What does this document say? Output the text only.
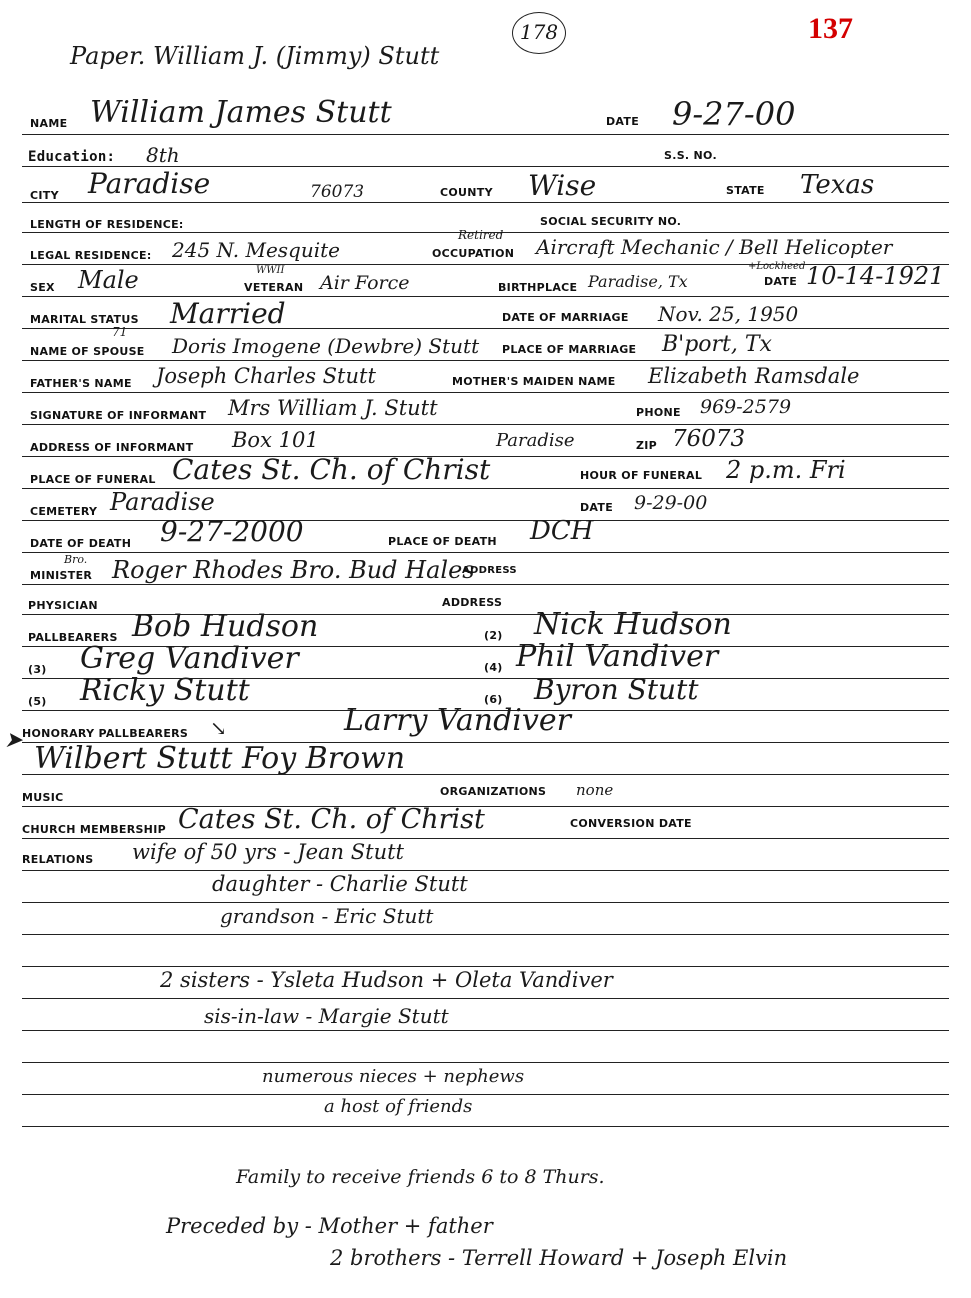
137
Paper. William J. (Jimmy) Stutt
178
NAME William James Stutt	DATE 9-27-00
Education: 8th	S.S. NO.
CITY Paradise	76073	COUNTY Wise	STATE Texas
LENGTH OF RESIDENCE:	SOCIAL SECURITY NO.
LEGAL RESIDENCE: 245 N. Mesquite
Retired
OCCUPATION Aircraft Mechanic / Bell Helicopter
SEX Male	WWII
VETERAN Air Force	BIRTHPLACE Paradise, Tx
+Lockheed
DATE 10-14-1921
MARITAL STATUS Married	DATE OF MARRIAGE Nov. 25, 1950
71
NAME OF SPOUSE Doris Imogene (Dewbre) Stutt PLACE OF MARRIAGE B'port, Tx
FATHER'S NAME Joseph Charles Stutt	MOTHER'S MAIDEN NAME Elizabeth Ramsdale
SIGNATURE OF INFORMANT Mrs William J. Stutt	PHONE 969-2579
ADDRESS OF INFORMANT Box 101	Paradise	ZIP 76073
PLACE OF FUNERAL Cates St. Ch. of Christ	HOUR OF FUNERAL 2 p.m. Fri
CEMETERY Paradise	DATE 9-29-00
DATE OF DEATH 9-27-2000	PLACE OF DEATH DCH
Bro.
MINISTER Roger Rhodes Bro. Bud Hales
ADDRESS
PHYSICIAN	ADDRESS
PALLBEARERS Bob Hudson	(2) Nick Hudson
(3) Greg Vandiver	(4) Phil Vandiver
(5) Ricky Stutt	(6) Byron Stutt
HONORARY PALLBEARERS ↘
➤
Larry Vandiver
Wilbert Stutt Foy Brown
MUSIC	ORGANIZATIONS none
CHURCH MEMBERSHIP Cates St. Ch. of Christ	CONVERSION DATE
RELATIONS wife of 50 yrs - Jean Stutt
daughter - Charlie Stutt
grandson - Eric Stutt
2 sisters - Ysleta Hudson + Oleta Vandiver
sis-in-law - Margie Stutt
numerous nieces + nephews
a host of friends
Family to receive friends 6 to 8 Thurs.
Preceded by - Mother + father
2 brothers - Terrell Howard + Joseph Elvin
